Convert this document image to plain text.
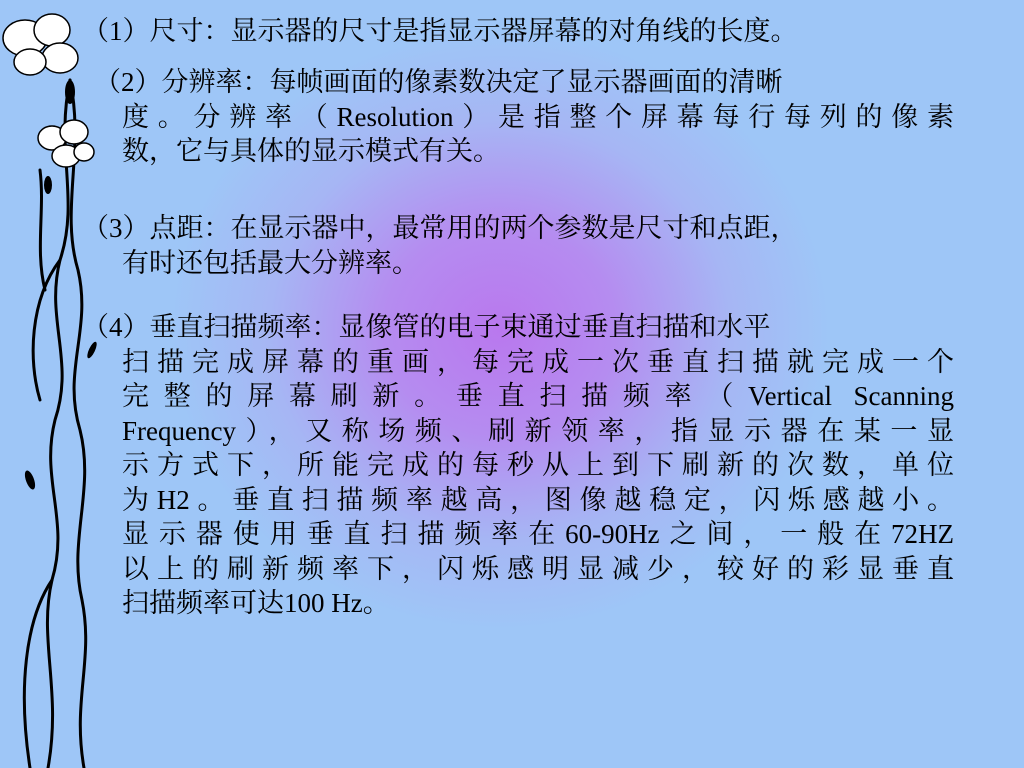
（1）尺寸：显示器的尺寸是指显示器屏幕的对角线的长度。
（2）分辨率：每帧画面的像素数决定了显示器画面的清晰
度。分辨率（Resolution）是指整个屏幕每行每列的像素
数，它与具体的显示模式有关。
（3）点距：在显示器中，最常用的两个参数是尺寸和点距，
有时还包括最大分辨率。
（4）垂直扫描频率：显像管的电子束通过垂直扫描和水平
扫描完成屏幕的重画，每完成一次垂直扫描就完成一个
完整的屏幕刷新。垂直扫描频率（Vertical Scanning
Frequency），又称场频、刷新领率，指显示器在某一显
示方式下，所能完成的每秒从上到下刷新的次数，单位
为H2。垂直扫描频率越高，图像越稳定，闪烁感越小。
显示器使用垂直扫描频率在60-90Hz之间，一般在72HZ
以上的刷新频率下，闪烁感明显减少，较好的彩显垂直
扫描频率可达100 Hz。
